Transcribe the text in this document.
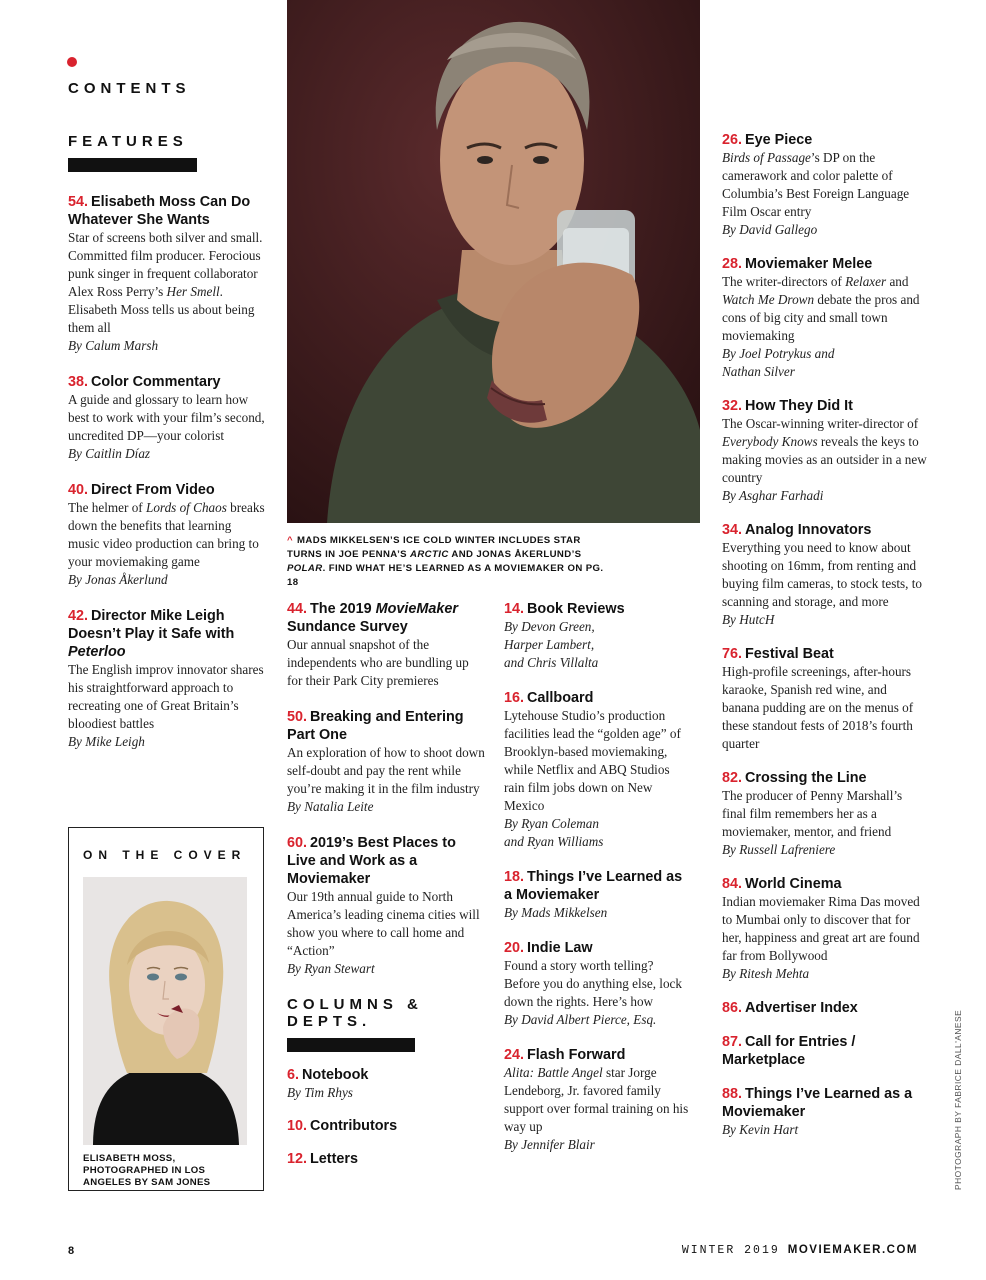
CONTENTS
FEATURES
54. Elisabeth Moss Can Do Whatever She Wants
Star of screens both silver and small. Committed film producer. Ferocious punk singer in frequent collaborator Alex Ross Perry’s Her Smell. Elisabeth Moss tells us about being them all
By Calum Marsh
38. Color Commentary
A guide and glossary to learn how best to work with your film’s second, uncredited DP—your colorist
By Caitlin Díaz
40. Direct From Video
The helmer of Lords of Chaos breaks down the benefits that learning music video production can bring to your moviemaking game
By Jonas Åkerlund
42. Director Mike Leigh Doesn’t Play it Safe with Peterloo
The English improv innovator shares his straightforward approach to recreating one of Great Britain’s bloodiest battles
By Mike Leigh
ON THE COVER
ELISABETH MOSS, PHOTOGRAPHED IN LOS ANGELES BY SAM JONES
^ MADS MIKKELSEN’S ICE COLD WINTER INCLUDES STAR TURNS IN JOE PENNA’S ARCTIC AND JONAS ÅKERLUND’S POLAR. FIND WHAT HE’S LEARNED AS A MOVIEMAKER ON PG. 18
44. The 2019 MovieMaker Sundance Survey
Our annual snapshot of the independents who are bundling up for their Park City premieres
50. Breaking and Entering Part One
An exploration of how to shoot down self-doubt and pay the rent while you’re making it in the film industry
By Natalia Leite
60. 2019’s Best Places to Live and Work as a Moviemaker
Our 19th annual guide to North America’s leading cinema cities will show you where to call home and “Action”
By Ryan Stewart
COLUMNS & DEPTS.
6. Notebook
By Tim Rhys
10. Contributors
12. Letters
14. Book Reviews
By Devon Green,
Harper Lambert,
and Chris Villalta
16. Callboard
Lytehouse Studio’s production facilities lead the “golden age” of Brooklyn-based moviemaking, while Netflix and ABQ Studios rain film jobs down on New Mexico
By Ryan Coleman
and Ryan Williams
18. Things I’ve Learned as a Moviemaker
By Mads Mikkelsen
20. Indie Law
Found a story worth telling? Before you do anything else, lock down the rights. Here’s how
By David Albert Pierce, Esq.
24. Flash Forward
Alita: Battle Angel star Jorge Lendeborg, Jr. favored family support over formal training on his way up
By Jennifer Blair
26. Eye Piece
Birds of Passage’s DP on the camerawork and color palette of Columbia’s Best Foreign Language Film Oscar entry
By David Gallego
28. Moviemaker Melee
The writer-directors of Relaxer and Watch Me Drown debate the pros and cons of big city and small town moviemaking
By Joel Potrykus and
Nathan Silver
32. How They Did It
The Oscar-winning writer-director of Everybody Knows reveals the keys to making movies as an outsider in a new country
By Asghar Farhadi
34. Analog Innovators
Everything you need to know about shooting on 16mm, from renting and buying film cameras, to stock tests, to scanning and storage, and more
By HutcH
76. Festival Beat
High-profile screenings, after-hours karaoke, Spanish red wine, and banana pudding are on the menus of these standout fests of 2018’s fourth quarter
82. Crossing the Line
The producer of Penny Marshall’s final film remembers her as a moviemaker, mentor, and friend
By Russell Lafreniere
84. World Cinema
Indian moviemaker Rima Das moved to Mumbai only to discover that for her, happiness and great art are found far from Bollywood
By Ritesh Mehta
86. Advertiser Index
87. Call for Entries / Marketplace
88. Things I’ve Learned as a Moviemaker
By Kevin Hart	PHOTOGRAPH BY FABRICE DALL'ANESE
8	WINTER 2019 MOVIEMAKER.COM
